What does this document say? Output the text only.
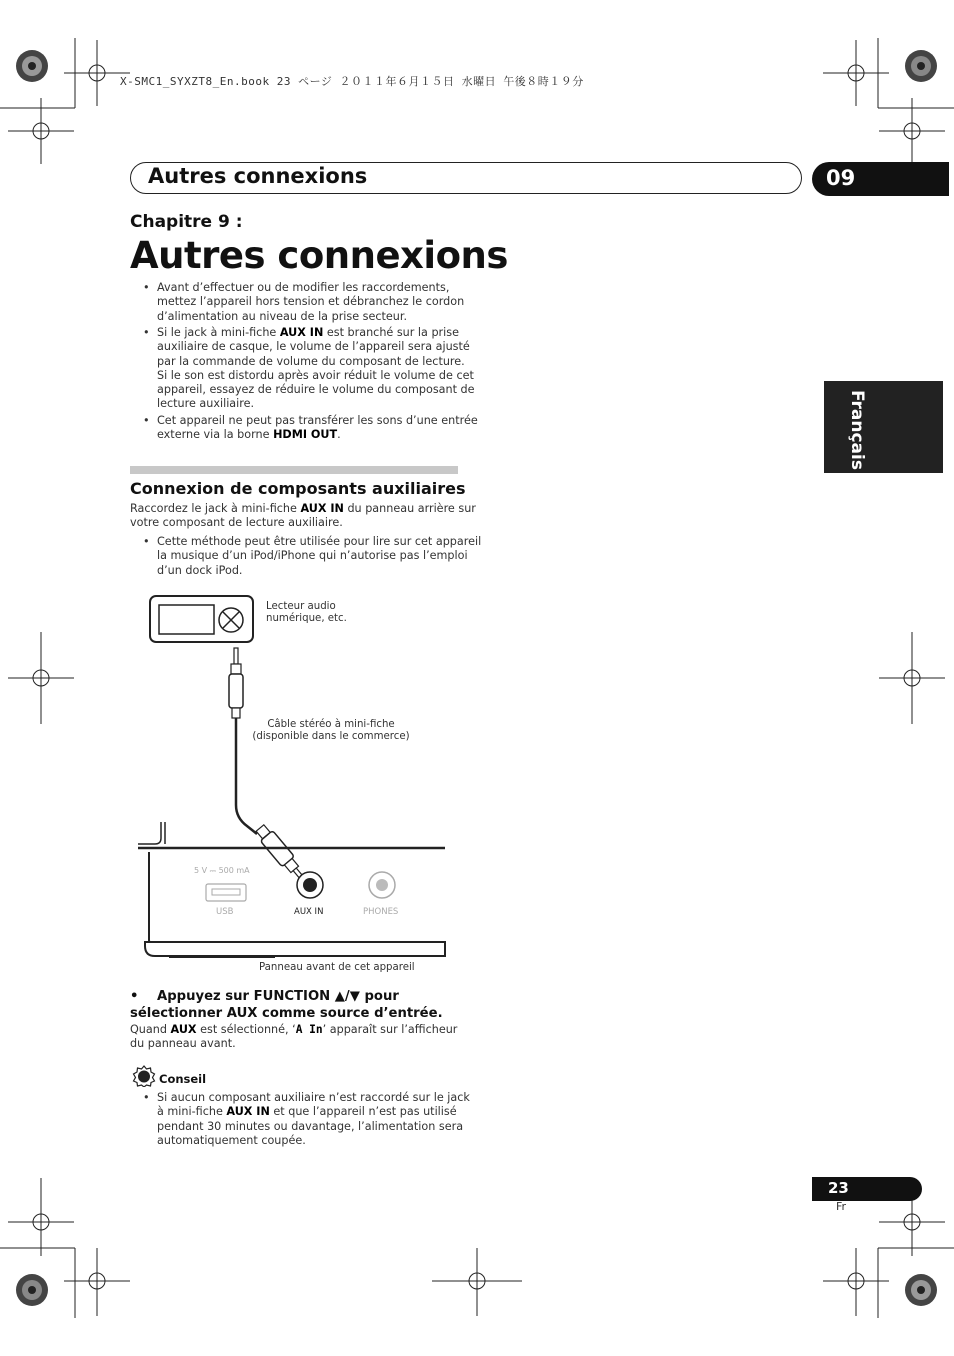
X-SMC1_SYXZT8_En.book 23 ページ ２０１１年６月１５日 水曜日 午後８時１９分
Autres connexions	09
Français
Chapitre 9 :
Autres connexions
• Avant d’effectuer ou de modifier les raccordements,
mettez l’appareil hors tension et débranchez le cordon
d’alimentation au niveau de la prise secteur.
• Si le jack à mini-fiche AUX IN est branché sur la prise
auxiliaire de casque, le volume de l’appareil sera ajusté
par la commande de volume du composant de lecture.
Si le son est distordu après avoir réduit le volume de cet
appareil, essayez de réduire le volume du composant de
lecture auxiliaire.
• Cet appareil ne peut pas transférer les sons d’une entrée
externe via la borne HDMI OUT.
Connexion de composants auxiliaires
Raccordez le jack à mini-fiche AUX IN du panneau arrière sur
votre composant de lecture auxiliaire.
• Cette méthode peut être utilisée pour lire sur cet appareil
la musique d’un iPod/iPhone qui n’autorise pas l’emploi
d’un dock iPod.
Lecteur audio
numérique, etc.
Câble stéréo à mini-fiche
(disponible dans le commerce)
5 V ⎓ 500 mA
USB	AUX IN	PHONES
Panneau avant de cet appareil
• Appuyez sur FUNCTION ▲/▼ pour
sélectionner AUX comme source d’entrée.
Quand AUX est sélectionné, ‘A In’ apparaît sur l’afficheur
du panneau avant.
Conseil
• Si aucun composant auxiliaire n’est raccordé sur le jack
à mini-fiche AUX IN et que l’appareil n’est pas utilisé
pendant 30 minutes ou davantage, l’alimentation sera
automatiquement coupée.
23
Fr
